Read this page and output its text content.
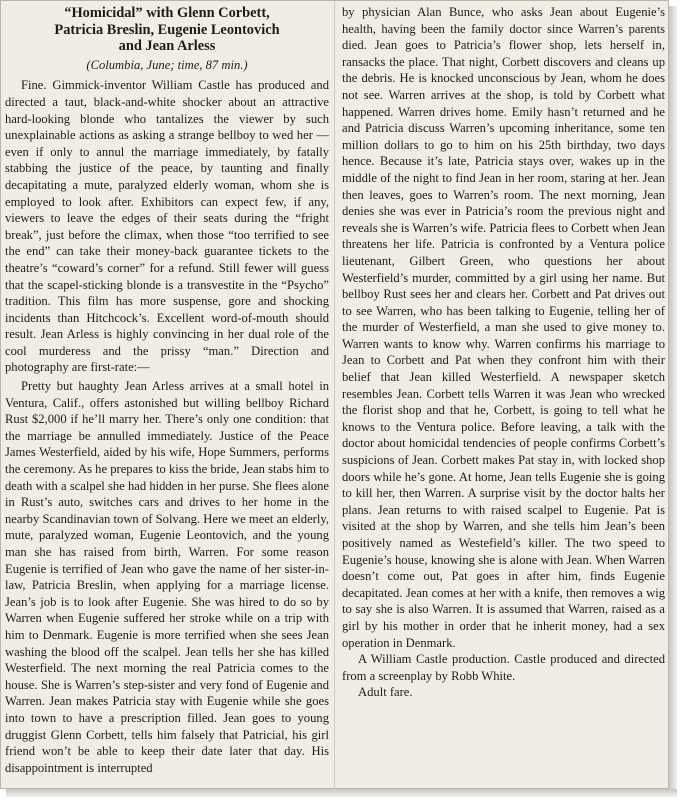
“Homicidal” with Glenn Corbett,
Patricia Breslin, Eugenie Leontovich
and Jean Arless
(Columbia, June; time, 87 min.)

Fine. Gimmick-inventor William Castle has produced and directed a taut, black-and-white shocker about an attractive hard-looking blonde who tantalizes the viewer by such unexplainable actions as asking a strange bellboy to wed her — even if only to annul the marriage immediately, by fatally stabbing the justice of the peace, by taunting and finally decapitating a mute, paralyzed elderly woman, whom she is employed to look after. Exhibitors can expect few, if any, viewers to leave the edges of their seats during the “fright break”, just before the climax, when those “too terrified to see the end” can take their money-back guarantee tickets to the theatre’s “coward’s corner” for a refund. Still fewer will guess that the scapel-sticking blonde is a transvestite in the “Psycho” tradition. This film has more suspense, gore and shocking incidents than Hitchcock’s. Excellent word-of-mouth should result. Jean Arless is highly convincing in her dual role of the cool murderess and the prissy “man.” Direction and photography are first-rate:—

Pretty but haughty Jean Arless arrives at a small hotel in Ventura, Calif., offers astonished but willing bellboy Richard Rust $2,000 if he’ll marry her. There’s only one condition: that the marriage be annulled immediately. Justice of the Peace James Westerfield, aided by his wife, Hope Summers, performs the ceremony. As he prepares to kiss the bride, Jean stabs him to death with a scalpel she had hidden in her purse. She flees alone in Rust’s auto, switches cars and drives to her home in the nearby Scandinavian town of Solvang. Here we meet an elderly, mute, paralyzed woman, Eugenie Leontovich, and the young man she has raised from birth, Warren. For some reason Eugenie is terrified of Jean who gave the name of her sister-in-law, Patricia Breslin, when applying for a marriage license. Jean’s job is to look after Eugenie. She was hired to do so by Warren when Eugenie suffered her stroke while on a trip with him to Denmark. Eugenie is more terrified when she sees Jean washing the blood off the scalpel. Jean tells her she has killed Westerfield. The next morning the real Patricia comes to the house. She is Warren’s step-sister and very fond of Eugenie and Warren. Jean makes Patricia stay with Eugenie while she goes into town to have a prescription filled. Jean goes to young druggist Glenn Corbett, tells him falsely that Patricial, his girl friend won’t be able to keep their date later that day. His disappointment is interrupted

by physician Alan Bunce, who asks Jean about Eugenie’s health, having been the family doctor since Warren’s parents died. Jean goes to Patricia’s flower shop, lets herself in, ransacks the place. That night, Corbett discovers and cleans up the debris. He is knocked unconscious by Jean, whom he does not see. Warren arrives at the shop, is told by Corbett what happened. Warren drives home. Emily hasn’t returned and he and Patricia discuss Warren’s upcoming inheritance, some ten million dollars to go to him on his 25th birthday, two days hence. Because it’s late, Patricia stays over, wakes up in the middle of the night to find Jean in her room, staring at her. Jean then leaves, goes to Warren’s room. The next morning, Jean denies she was ever in Patricia’s room the previous night and reveals she is Warren’s wife. Patricia flees to Corbett when Jean threatens her life. Patricia is confronted by a Ventura police lieutenant, Gilbert Green, who questions her about Westerfield’s murder, committed by a girl using her name. But bellboy Rust sees her and clears her. Corbett and Pat drives out to see Warren, who has been talking to Eugenie, telling her of the murder of Westerfield, a man she used to give money to. Warren wants to know why. Warren confirms his marriage to Jean to Corbett and Pat when they confront him with their belief that Jean killed Westerfield. A newspaper sketch resembles Jean. Corbett tells Warren it was Jean who wrecked the florist shop and that he, Corbett, is going to tell what he knows to the Ventura police. Before leaving, a talk with the doctor about homicidal tendencies of people confirms Corbett’s suspicions of Jean. Corbett makes Pat stay in, with locked shop doors while he’s gone. At home, Jean tells Eugenie she is going to kill her, then Warren. A surprise visit by the doctor halts her plans. Jean returns to with raised scalpel to Eugenie. Pat is visited at the shop by Warren, and she tells him Jean’s been positively named as Westefield’s killer. The two speed to Eugenie’s house, knowing she is alone with Jean. When Warren doesn’t come out, Pat goes in after him, finds Eugenie decapitated. Jean comes at her with a knife, then removes a wig to say she is also Warren. It is assumed that Warren, raised as a girl by his mother in order that he inherit money, had a sex operation in Denmark.

A William Castle production. Castle produced and directed from a screenplay by Robb White.

Adult fare.
